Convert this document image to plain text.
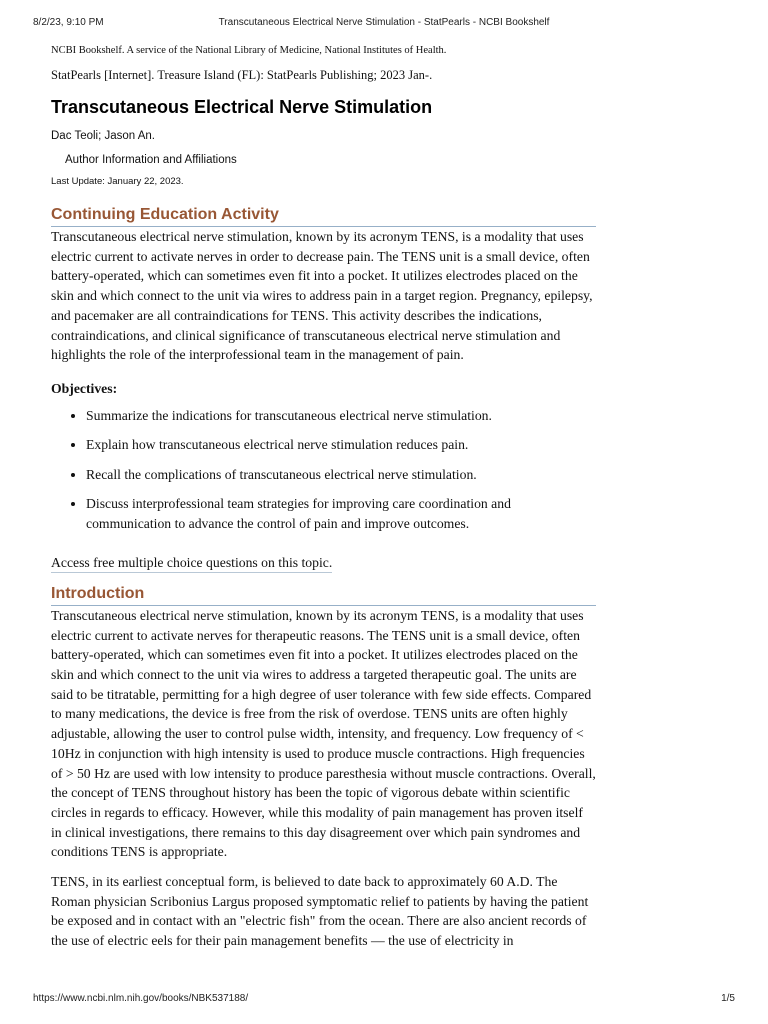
8/2/23, 9:10 PM	Transcutaneous Electrical Nerve Stimulation - StatPearls - NCBI Bookshelf
NCBI Bookshelf. A service of the National Library of Medicine, National Institutes of Health.
StatPearls [Internet]. Treasure Island (FL): StatPearls Publishing; 2023 Jan-.
Transcutaneous Electrical Nerve Stimulation
Dac Teoli; Jason An.
Author Information and Affiliations
Last Update: January 22, 2023.
Continuing Education Activity

Transcutaneous electrical nerve stimulation, known by its acronym TENS, is a modality that uses electric current to activate nerves in order to decrease pain. The TENS unit is a small device, often battery-operated, which can sometimes even fit into a pocket. It utilizes electrodes placed on the skin and which connect to the unit via wires to address pain in a target region. Pregnancy, epilepsy, and pacemaker are all contraindications for TENS. This activity describes the indications, contraindications, and clinical significance of transcutaneous electrical nerve stimulation and highlights the role of the interprofessional team in the management of pain.

Objectives:
• Summarize the indications for transcutaneous electrical nerve stimulation.
• Explain how transcutaneous electrical nerve stimulation reduces pain.
• Recall the complications of transcutaneous electrical nerve stimulation.
• Discuss interprofessional team strategies for improving care coordination and communication to advance the control of pain and improve outcomes.
Access free multiple choice questions on this topic.
Introduction

Transcutaneous electrical nerve stimulation, known by its acronym TENS, is a modality that uses electric current to activate nerves for therapeutic reasons. The TENS unit is a small device, often battery-operated, which can sometimes even fit into a pocket. It utilizes electrodes placed on the skin and which connect to the unit via wires to address a targeted therapeutic goal. The units are said to be titratable, permitting for a high degree of user tolerance with few side effects. Compared to many medications, the device is free from the risk of overdose. TENS units are often highly adjustable, allowing the user to control pulse width, intensity, and frequency. Low frequency of < 10Hz in conjunction with high intensity is used to produce muscle contractions. High frequencies of > 50 Hz are used with low intensity to produce paresthesia without muscle contractions. Overall, the concept of TENS throughout history has been the topic of vigorous debate within scientific circles in regards to efficacy. However, while this modality of pain management has proven itself in clinical investigations, there remains to this day disagreement over which pain syndromes and conditions TENS is appropriate.

TENS, in its earliest conceptual form, is believed to date back to approximately 60 A.D. The Roman physician Scribonius Largus proposed symptomatic relief to patients by having the patient be exposed and in contact with an "electric fish" from the ocean. There are also ancient records of the use of electric eels for their pain management benefits — the use of electricity in

https://www.ncbi.nlm.nih.gov/books/NBK537188/	1/5
